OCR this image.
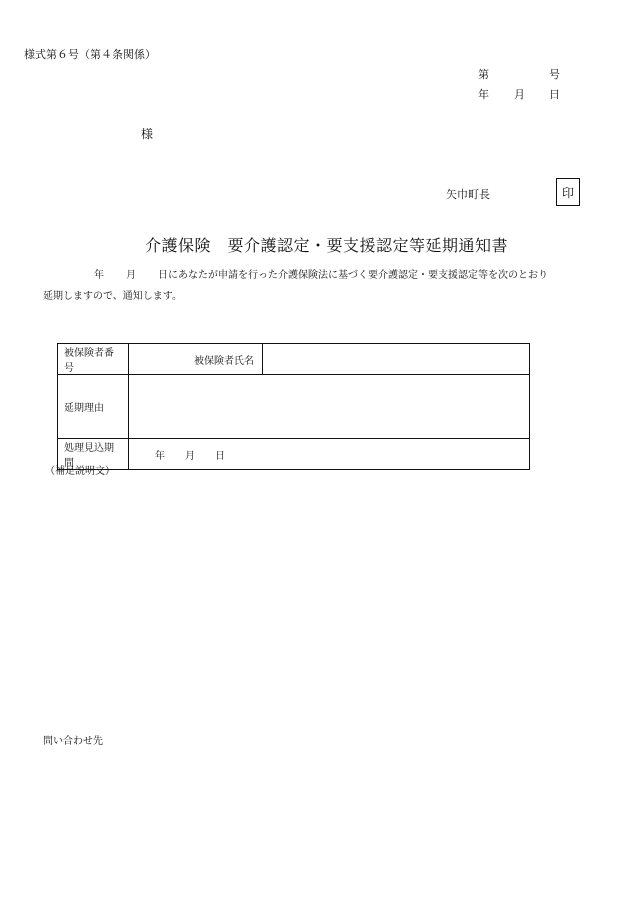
様式第６号（第４条関係）
第	号
年 月 日
様
矢巾町長	印
介護保険　要介護認定・要支援認定等延期通知書
年 月 日にあなたが申請を行った介護保険法に基づく要介護認定・要支援認定等を次のとおり
延期しますので、通知します。
被保険者番号	被保険者氏名	
延期理由		
処理見込期間	年 月 日	
（補足説明文）
問い合わせ先
